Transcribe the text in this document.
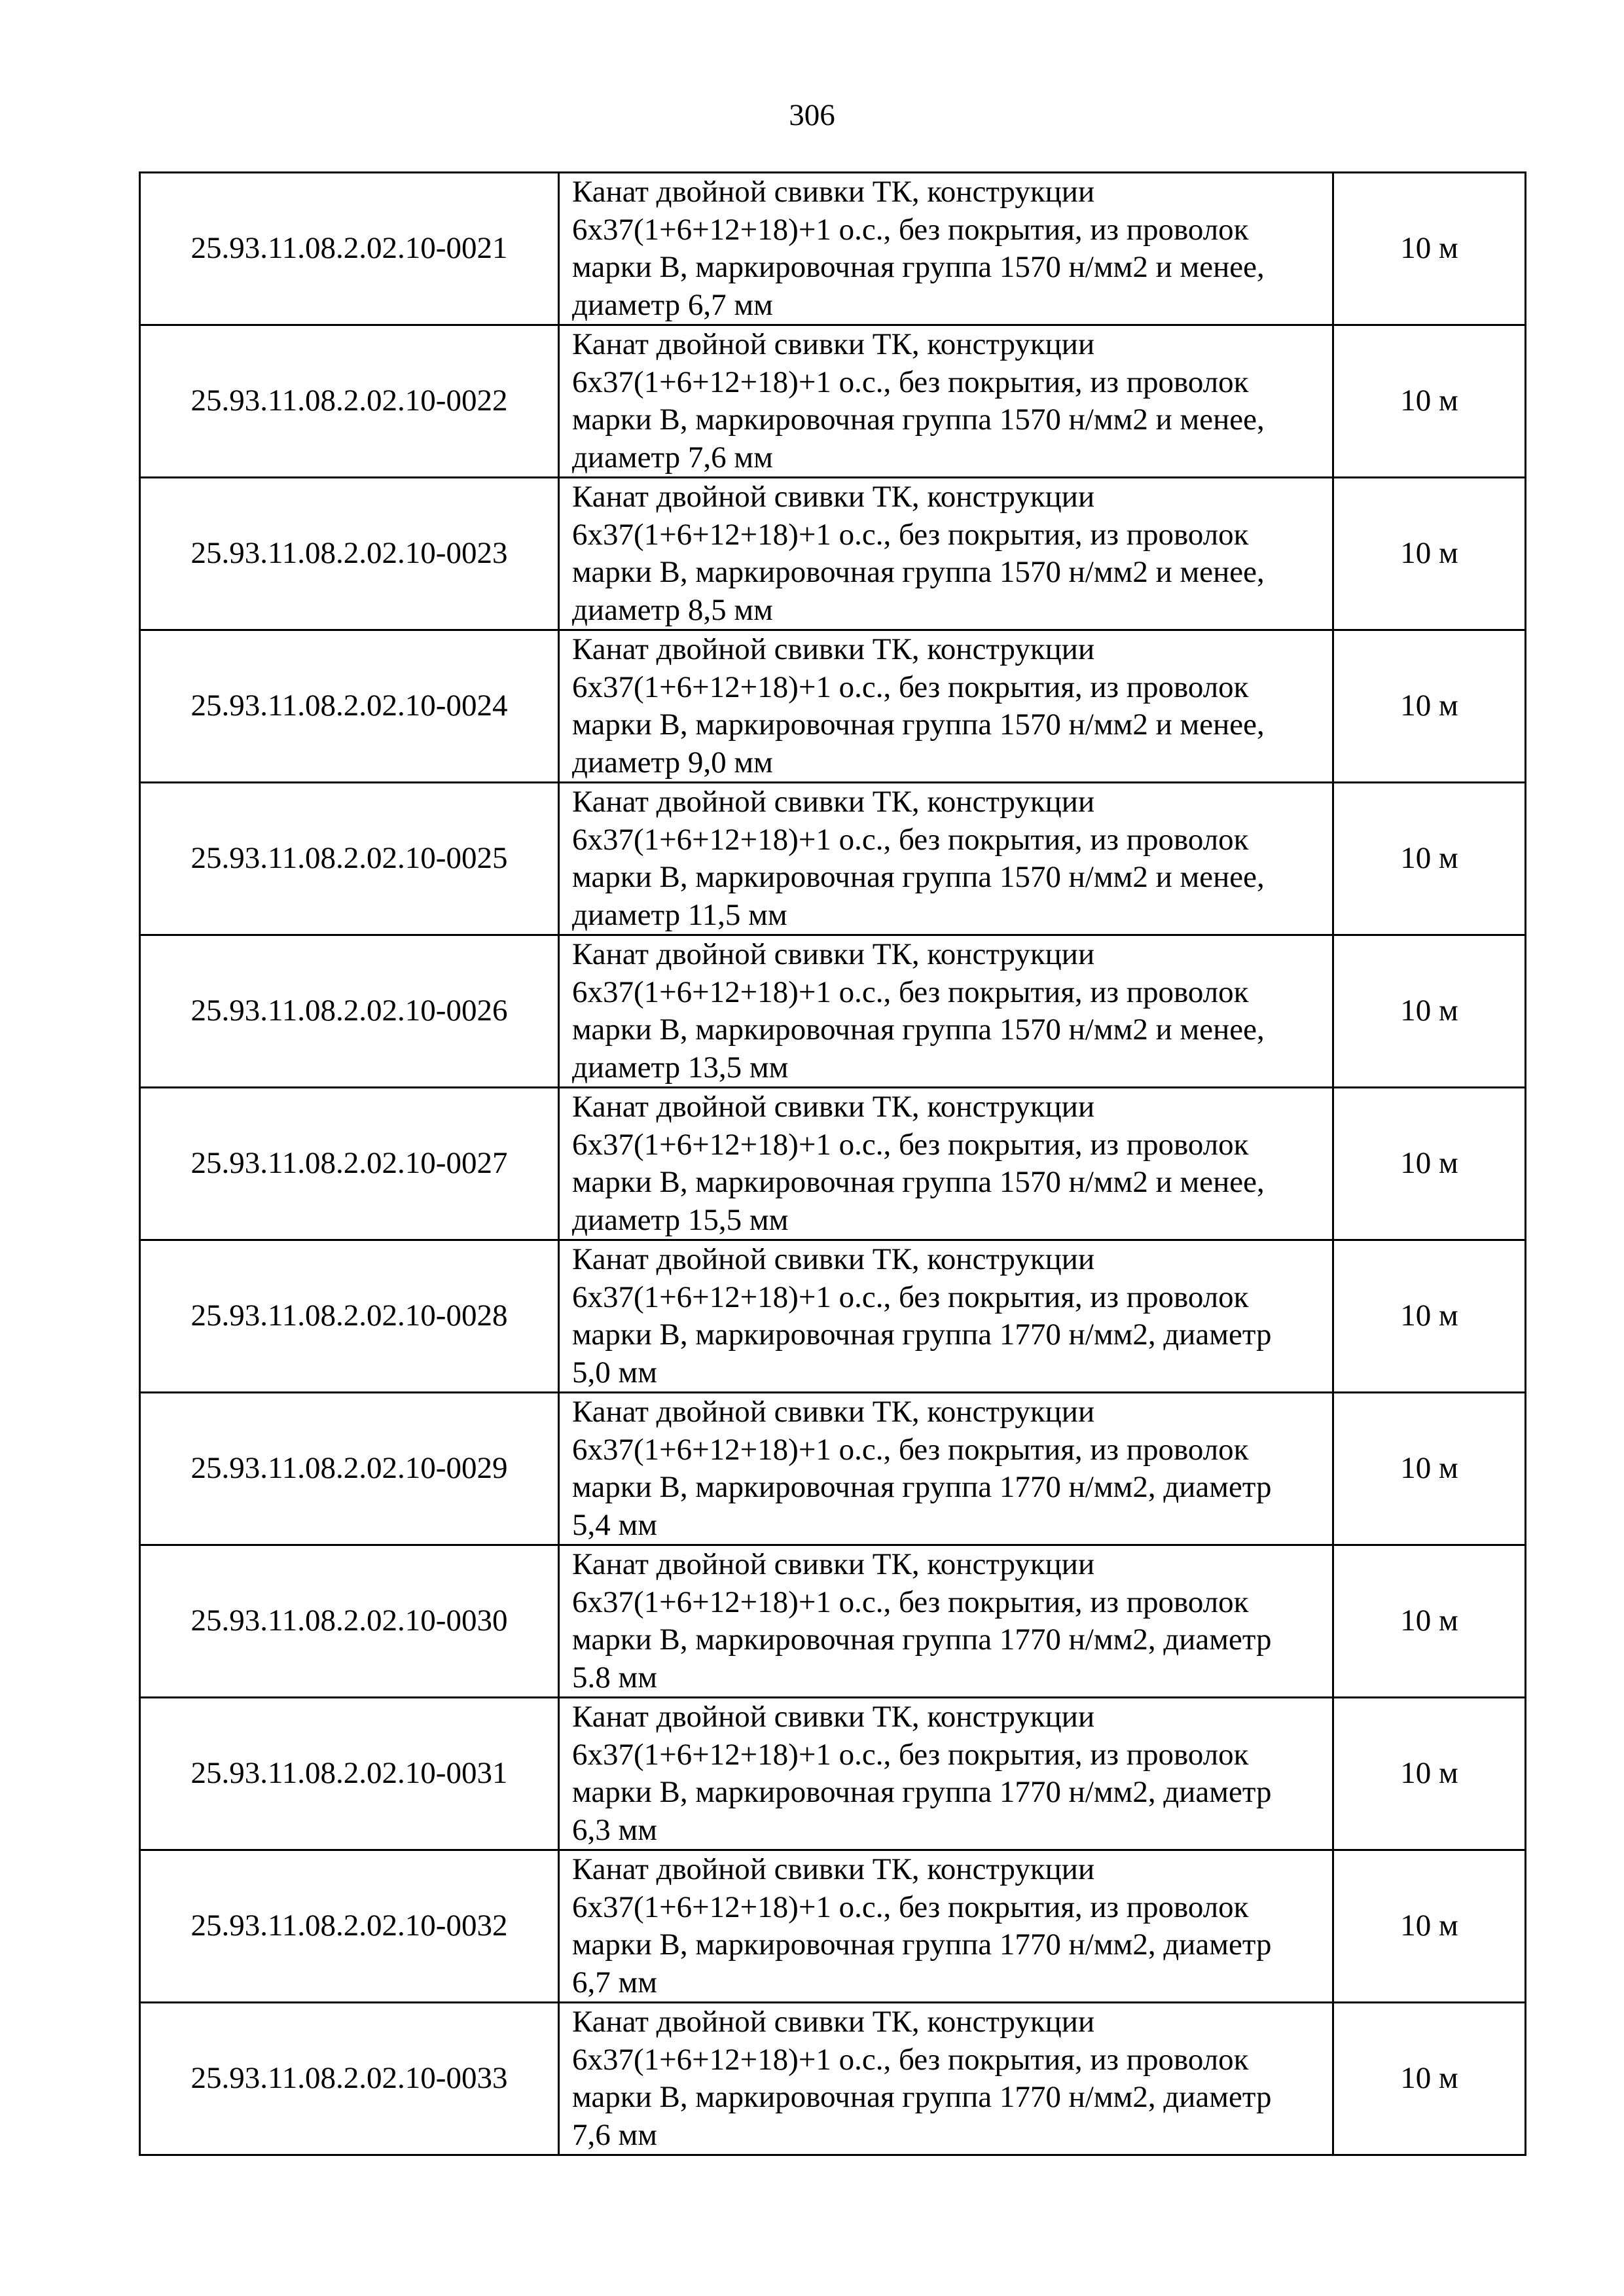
306
25.93.11.08.2.02.10-0021	Канат двойной свивки ТК, конструкции
6х37(1+6+12+18)+1 о.с., без покрытия, из проволок
марки В, маркировочная группа 1570 н/мм2 и менее,
диаметр 6,7 мм	10 м
25.93.11.08.2.02.10-0022	Канат двойной свивки ТК, конструкции
6х37(1+6+12+18)+1 о.с., без покрытия, из проволок
марки В, маркировочная группа 1570 н/мм2 и менее,
диаметр 7,6 мм	10 м
25.93.11.08.2.02.10-0023	Канат двойной свивки ТК, конструкции
6х37(1+6+12+18)+1 о.с., без покрытия, из проволок
марки В, маркировочная группа 1570 н/мм2 и менее,
диаметр 8,5 мм	10 м
25.93.11.08.2.02.10-0024	Канат двойной свивки ТК, конструкции
6х37(1+6+12+18)+1 о.с., без покрытия, из проволок
марки В, маркировочная группа 1570 н/мм2 и менее,
диаметр 9,0 мм	10 м
25.93.11.08.2.02.10-0025	Канат двойной свивки ТК, конструкции
6х37(1+6+12+18)+1 о.с., без покрытия, из проволок
марки В, маркировочная группа 1570 н/мм2 и менее,
диаметр 11,5 мм	10 м
25.93.11.08.2.02.10-0026	Канат двойной свивки ТК, конструкции
6х37(1+6+12+18)+1 о.с., без покрытия, из проволок
марки В, маркировочная группа 1570 н/мм2 и менее,
диаметр 13,5 мм	10 м
25.93.11.08.2.02.10-0027	Канат двойной свивки ТК, конструкции
6х37(1+6+12+18)+1 о.с., без покрытия, из проволок
марки В, маркировочная группа 1570 н/мм2 и менее,
диаметр 15,5 мм	10 м
25.93.11.08.2.02.10-0028	Канат двойной свивки ТК, конструкции
6х37(1+6+12+18)+1 о.с., без покрытия, из проволок
марки В, маркировочная группа 1770 н/мм2, диаметр
5,0 мм	10 м
25.93.11.08.2.02.10-0029	Канат двойной свивки ТК, конструкции
6х37(1+6+12+18)+1 о.с., без покрытия, из проволок
марки В, маркировочная группа 1770 н/мм2, диаметр
5,4 мм	10 м
25.93.11.08.2.02.10-0030	Канат двойной свивки ТК, конструкции
6х37(1+6+12+18)+1 о.с., без покрытия, из проволок
марки В, маркировочная группа 1770 н/мм2, диаметр
5.8 мм	10 м
25.93.11.08.2.02.10-0031	Канат двойной свивки ТК, конструкции
6х37(1+6+12+18)+1 о.с., без покрытия, из проволок
марки В, маркировочная группа 1770 н/мм2, диаметр
6,3 мм	10 м
25.93.11.08.2.02.10-0032	Канат двойной свивки ТК, конструкции
6х37(1+6+12+18)+1 о.с., без покрытия, из проволок
марки В, маркировочная группа 1770 н/мм2, диаметр
6,7 мм	10 м
25.93.11.08.2.02.10-0033	Канат двойной свивки ТК, конструкции
6х37(1+6+12+18)+1 о.с., без покрытия, из проволок
марки В, маркировочная группа 1770 н/мм2, диаметр
7,6 мм	10 м
